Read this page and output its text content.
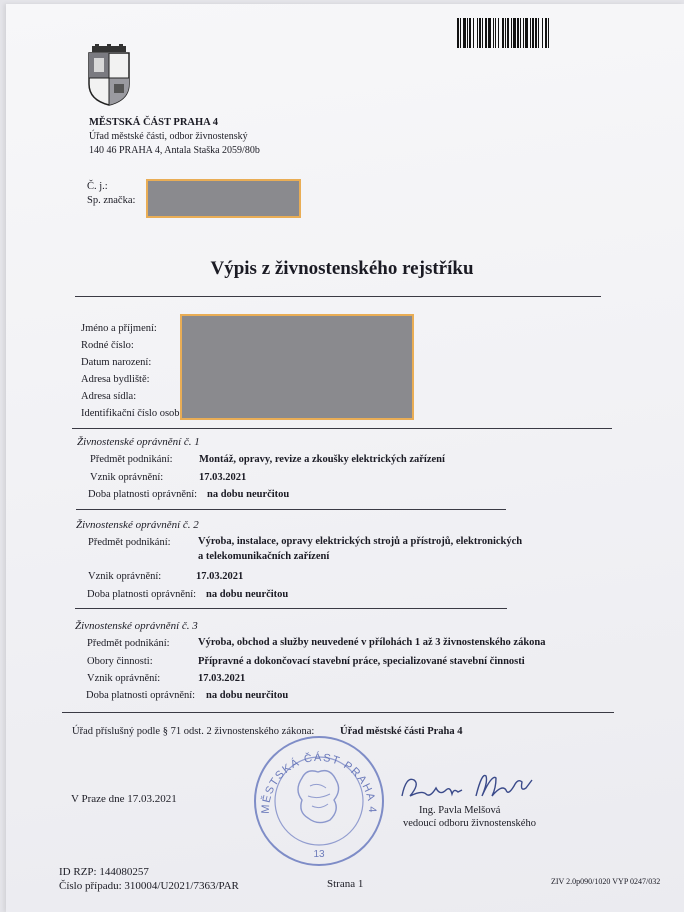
MĚSTSKÁ ČÁST PRAHA 4
Úřad městské části, odbor živnostenský
140 46 PRAHA 4, Antala Staška 2059/80b
Č. j.:
Sp. značka:
Výpis z živnostenského rejstříku
Jméno a příjmení:
Rodné číslo:
Datum narození:
Adresa bydliště:
Adresa sídla:
Identifikační číslo osob
Živnostenské oprávnění č. 1
Předmět podnikání:	Montáž, opravy, revize a zkoušky elektrických zařízení
Vznik oprávnění:	17.03.2021
Doba platnosti oprávnění: na dobu neurčitou
Živnostenské oprávnění č. 2
Předmět podnikání:	Výroba, instalace, opravy elektrických strojů a přístrojů, elektronických
a telekomunikačních zařízení
Vznik oprávnění:	17.03.2021
Doba platnosti oprávnění: na dobu neurčitou
Živnostenské oprávnění č. 3
Předmět podnikání:	Výroba, obchod a služby neuvedené v přílohách 1 až 3 živnostenského zákona
Obory činnosti:	Přípravné a dokončovací stavební práce, specializované stavební činnosti
Vznik oprávnění:	17.03.2021
Doba platnosti oprávnění: na dobu neurčitou
Úřad příslušný podle § 71 odst. 2 živnostenského zákona: Úřad městské části Praha 4
V Praze dne 17.03.2021
MĚSTSKÁ ČÁST PRAHA 4
13
Ing. Pavla Melšová
vedoucí odboru živnostenského
ID RZP: 144080257
Číslo případu: 310004/U2021/7363/PAR	Strana 1	ZIV 2.0p090/1020 VYP 0247/032
